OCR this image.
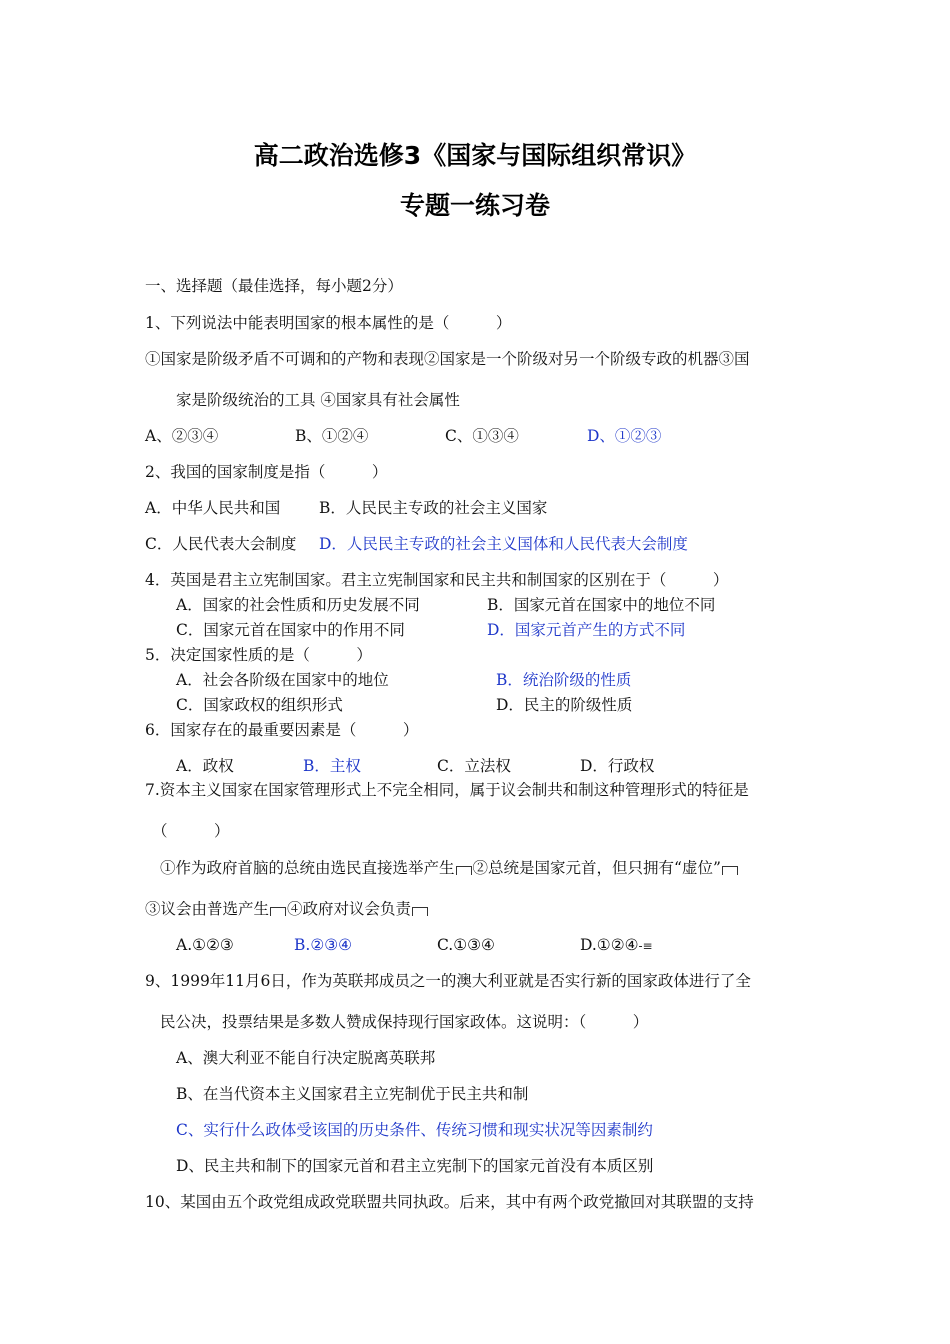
高二政治选修3《国家与国际组织常识》
专题一练习卷
一、选择题（最佳选择，每小题2分）
1、下列说法中能表明国家的根本属性的是（　　　）
①国家是阶级矛盾不可调和的产物和表现②国家是一个阶级对另一个阶级专政的机器③国
家是阶级统治的工具 ④国家具有社会属性
A、②③④	B、①②④	C、①③④	D、①②③
2、我国的国家制度是指（　　　）
A．中华人民共和国	B．人民民主专政的社会主义国家
C．人民代表大会制度 D．人民民主专政的社会主义国体和人民代表大会制度
4．英国是君主立宪制国家。君主立宪制国家和民主共和制国家的区别在于（　　　）
A．国家的社会性质和历史发展不同	B．国家元首在国家中的地位不同
C．国家元首在国家中的作用不同	D．国家元首产生的方式不同
5．决定国家性质的是（　　　）
A．社会各阶级在国家中的地位	B．统治阶级的性质
C．国家政权的组织形式	D．民主的阶级性质
6．国家存在的最重要因素是（　　　）
A．政权	B．主权	C．立法权	D．行政权
7.资本主义国家在国家管理形式上不完全相同，属于议会制共和制这种管理形式的特征是
（　　　）
①作为政府首脑的总统由选民直接选举产生 ②总统是国家元首，但只拥有“虚位”
③议会由普选产生 ④政府对议会负责
A.①②③	B.②③④	C.①③④	D.①②④-≡
9、1999年11月6日，作为英联邦成员之一的澳大利亚就是否实行新的国家政体进行了全
民公决，投票结果是多数人赞成保持现行国家政体。这说明：（　　　）
A、澳大利亚不能自行决定脱离英联邦
B、在当代资本主义国家君主立宪制优于民主共和制
C、实行什么政体受该国的历史条件、传统习惯和现实状况等因素制约
D、民主共和制下的国家元首和君主立宪制下的国家元首没有本质区别
10、某国由五个政党组成政党联盟共同执政。后来，其中有两个政党撤回对其联盟的支持
